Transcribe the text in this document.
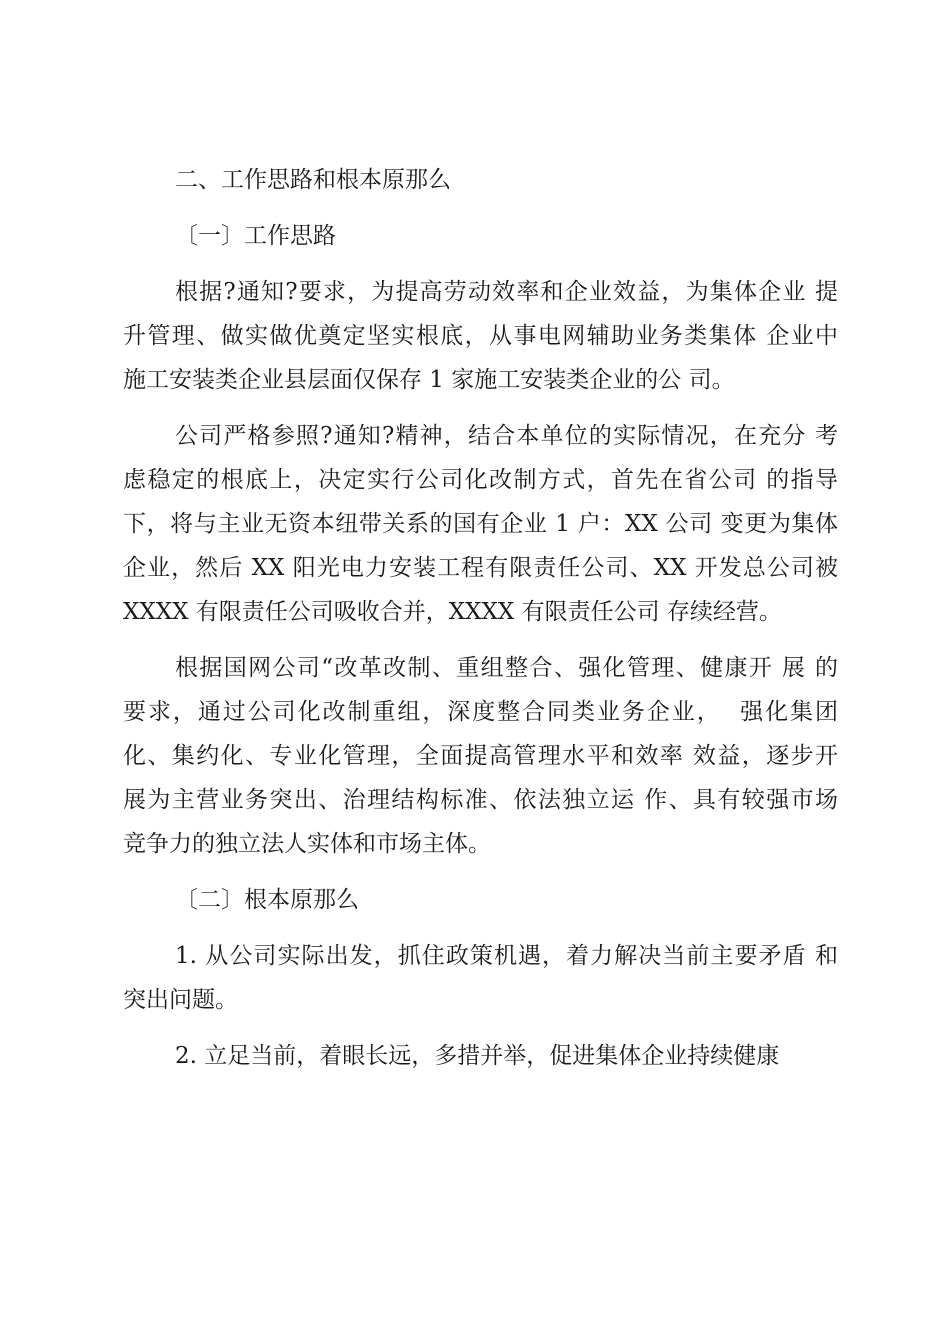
二、工作思路和根本原那么
〔一〕工作思路
根据?通知?要求，为提高劳动效率和企业效益，为集体企业 提
升管理、做实做优奠定坚实根底，从事电网辅助业务类集体 企业中
施工安装类企业县层面仅保存 1 家施工安装类企业的公 司。
公司严格参照?通知?精神，结合本单位的实际情况，在充分 考
虑稳定的根底上，决定实行公司化改制方式，首先在省公司 的指导
下，将与主业无资本纽带关系的国有企业 1 户：XX 公司 变更为集体
企业，然后 XX 阳光电力安装工程有限责任公司、XX 开发总公司被
XXXX 有限责任公司吸收合并，XXXX 有限责任公司 存续经营。
根据国网公司“改革改制、重组整合、强化管理、健康开 展 的
要求，通过公司化改制重组，深度整合同类业务企业，  强化集团
化、集约化、专业化管理，全面提高管理水平和效率 效益，逐步开
展为主营业务突出、治理结构标准、依法独立运 作、具有较强市场
竞争力的独立法人实体和市场主体。
〔二〕根本原那么
1. 从公司实际出发，抓住政策机遇，着力解决当前主要矛盾 和
突出问题。
2. 立足当前，着眼长远，多措并举，促进集体企业持续健康
